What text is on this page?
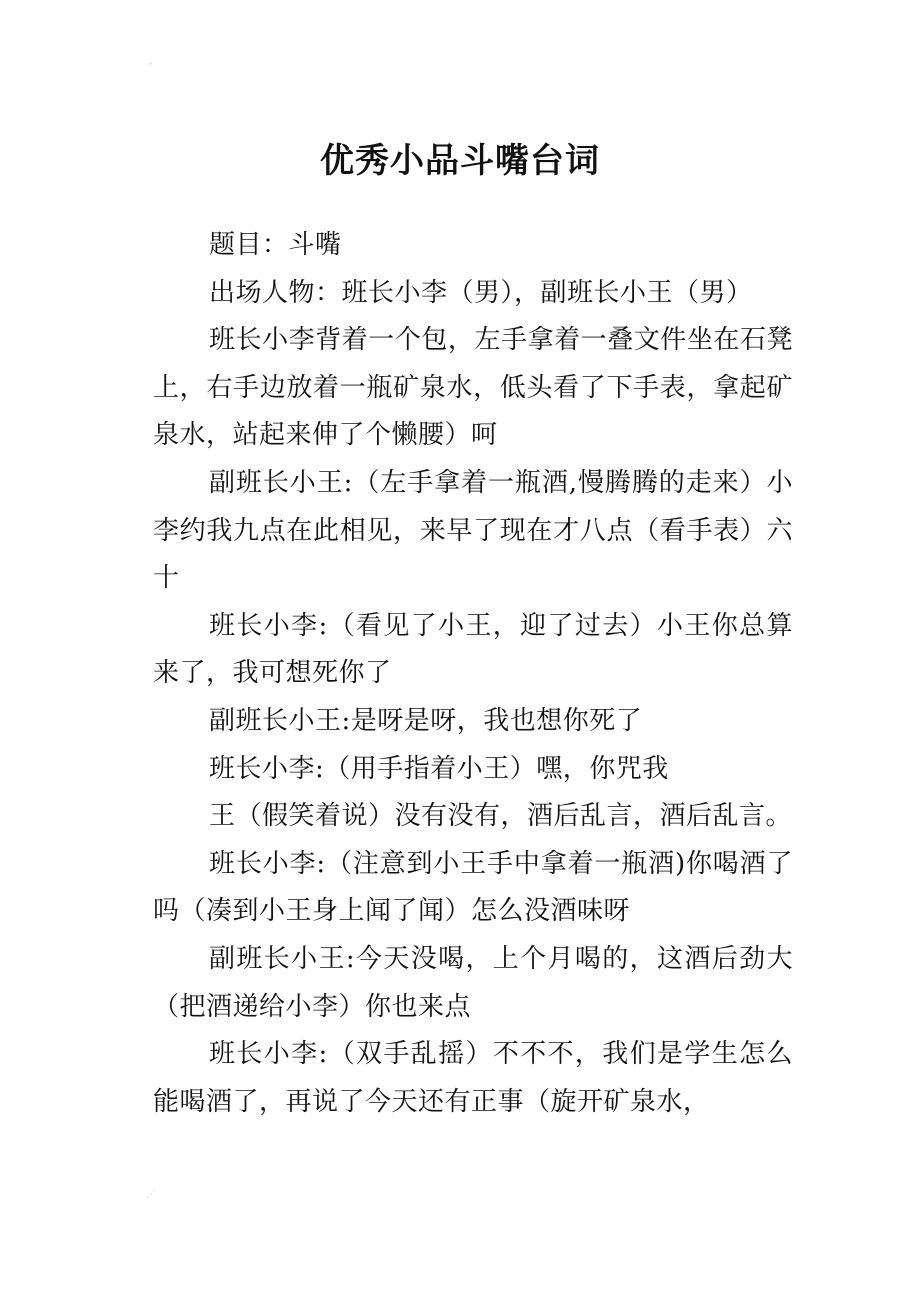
ˇ
优秀小品斗嘴台词

题目：斗嘴

出场人物：班长小李（男），副班长小王（男）

班长小李背着一个包，左手拿着一叠文件坐在石凳上，右手边放着一瓶矿泉水，低头看了下手表，拿起矿泉水，站起来伸了个懒腰）呵

副班长小王:（左手拿着一瓶酒,慢腾腾的走来）小李约我九点在此相见，来早了现在才八点（看手表）六十

班长小李:（看见了小王，迎了过去）小王你总算来了，我可想死你了

副班长小王:是呀是呀，我也想你死了

班长小李:（用手指着小王）嘿，你咒我

王（假笑着说）没有没有，酒后乱言，酒后乱言。

班长小李:（注意到小王手中拿着一瓶酒)你喝酒了吗（凑到小王身上闻了闻）怎么没酒味呀

副班长小王:今天没喝，上个月喝的，这酒后劲大（把酒递给小李）你也来点

班长小李:（双手乱摇）不不不，我们是学生怎么能喝酒了，再说了今天还有正事（旋开矿泉水，

⋰
